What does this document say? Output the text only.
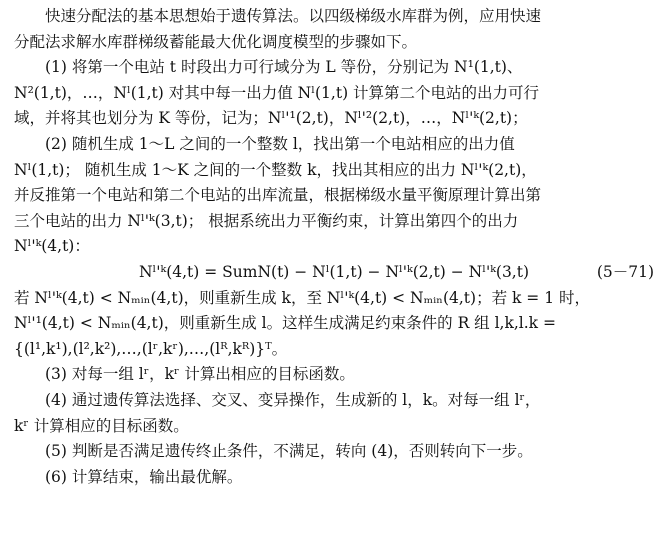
快速分配法的基本思想始于遗传算法。以四级梯级水库群为例，应用快速
分配法求解水库群梯级蓄能最大优化调度模型的步骤如下。
(1) 将第一个电站 t 时段出力可行域分为 L 等份，分别记为 N¹(1,t)、
N²(1,t)，…，Nˡ(1,t) 对其中每一出力值 Nˡ(1,t) 计算第二个电站的出力可行
域，并将其也划分为 K 等份，记为；Nˡ'¹(2,t)，Nˡ'²(2,t)，…，Nˡ'ᵏ(2,t)；
(2) 随机生成 1～L 之间的一个整数 l，找出第一个电站相应的出力值
Nˡ(1,t)； 随机生成 1～K 之间的一个整数 k，找出其相应的出力 Nˡ'ᵏ(2,t)，
并反推第一个电站和第二个电站的出库流量，根据梯级水量平衡原理计算出第
三个电站的出力 Nˡ'ᵏ(3,t)； 根据系统出力平衡约束，计算出第四个的出力
Nˡ'ᵏ(4,t)：
Nˡ'ᵏ(4,t) = SumN(t) − Nˡ(1,t) − Nˡ'ᵏ(2,t) − Nˡ'ᵏ(3,t)	(5－71)
若 Nˡ'ᵏ(4,t) < Nₘᵢₙ(4,t)，则重新生成 k，至 Nˡ'ᵏ(4,t) < Nₘᵢₙ(4,t)；若 k = 1 时，
Nˡ'¹(4,t) < Nₘᵢₙ(4,t)，则重新生成 l。这样生成满足约束条件的 R 组 l,k,l.k =
{(l¹,k¹),(l²,k²),…,(lʳ,kʳ),…,(lᴿ,kᴿ)}ᵀ。
(3) 对每一组 lʳ，kʳ 计算出相应的目标函数。
(4) 通过遗传算法选择、交叉、变异操作，生成新的 l，k。对每一组 lʳ，
kʳ 计算相应的目标函数。
(5) 判断是否满足遗传终止条件，不满足，转向 (4)，否则转向下一步。
(6) 计算结束，输出最优解。
